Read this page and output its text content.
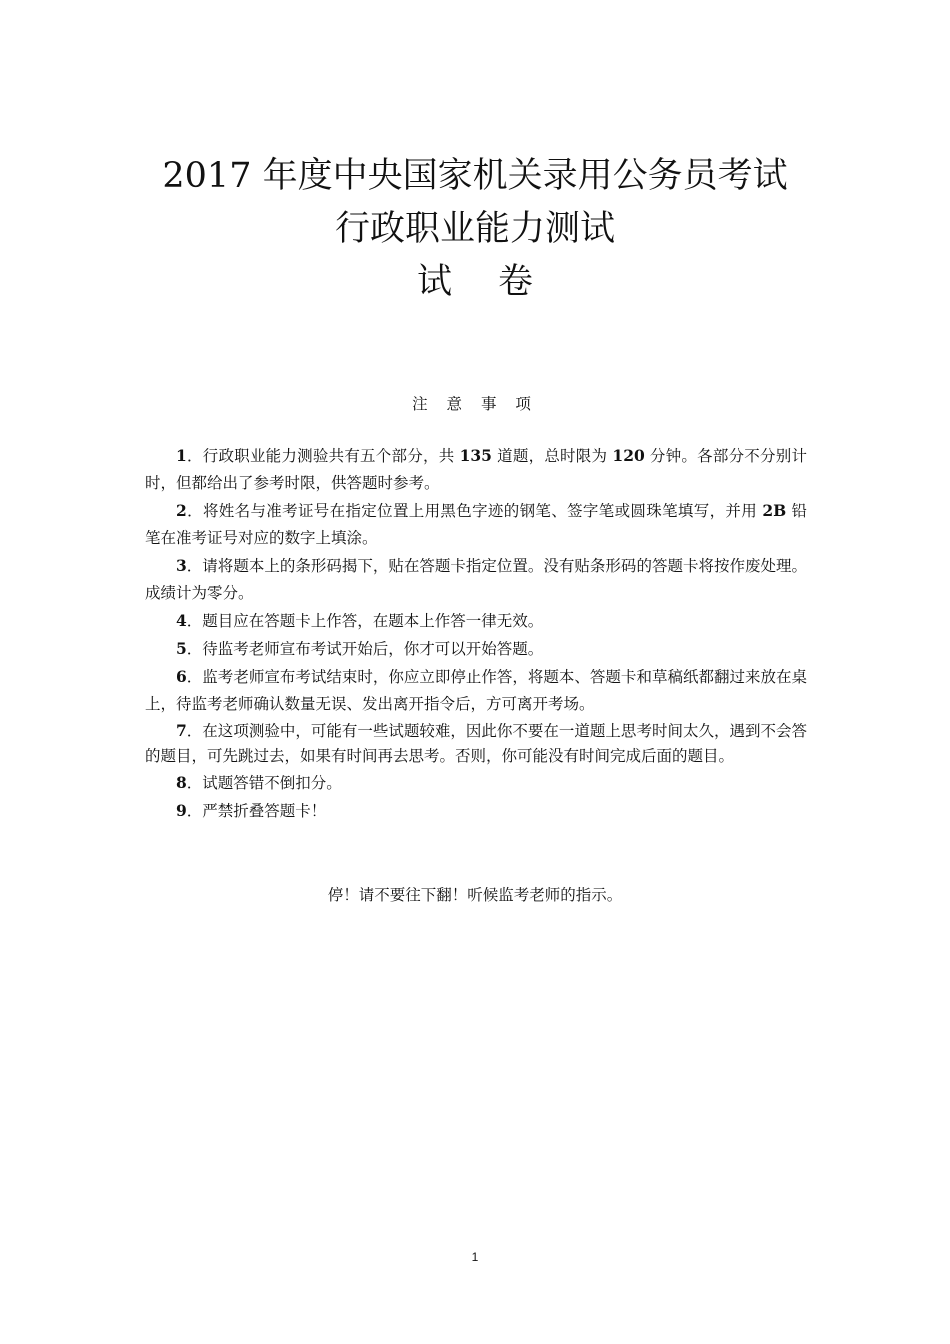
2017 年度中央国家机关录用公务员考试
行政职业能力测试
试 卷
注 意 事 项
1．行政职业能力测验共有五个部分，共 135 道题，总时限为 120 分钟。各部分不分别计时，但都给出了参考时限，供答题时参考。
2．将姓名与准考证号在指定位置上用黑色字迹的钢笔、签字笔或圆珠笔填写，并用 2B 铅笔在准考证号对应的数字上填涂。
3．请将题本上的条形码揭下，贴在答题卡指定位置。没有贴条形码的答题卡将按作废处理。成绩计为零分。
4．题目应在答题卡上作答，在题本上作答一律无效。
5．待监考老师宣布考试开始后，你才可以开始答题。
6．监考老师宣布考试结束时，你应立即停止作答，将题本、答题卡和草稿纸都翻过来放在桌上，待监考老师确认数量无误、发出离开指令后，方可离开考场。
7．在这项测验中，可能有一些试题较难，因此你不要在一道题上思考时间太久，遇到不会答的题目，可先跳过去，如果有时间再去思考。否则，你可能没有时间完成后面的题目。
8．试题答错不倒扣分。
9．严禁折叠答题卡！
停！请不要往下翻！听候监考老师的指示。
1
